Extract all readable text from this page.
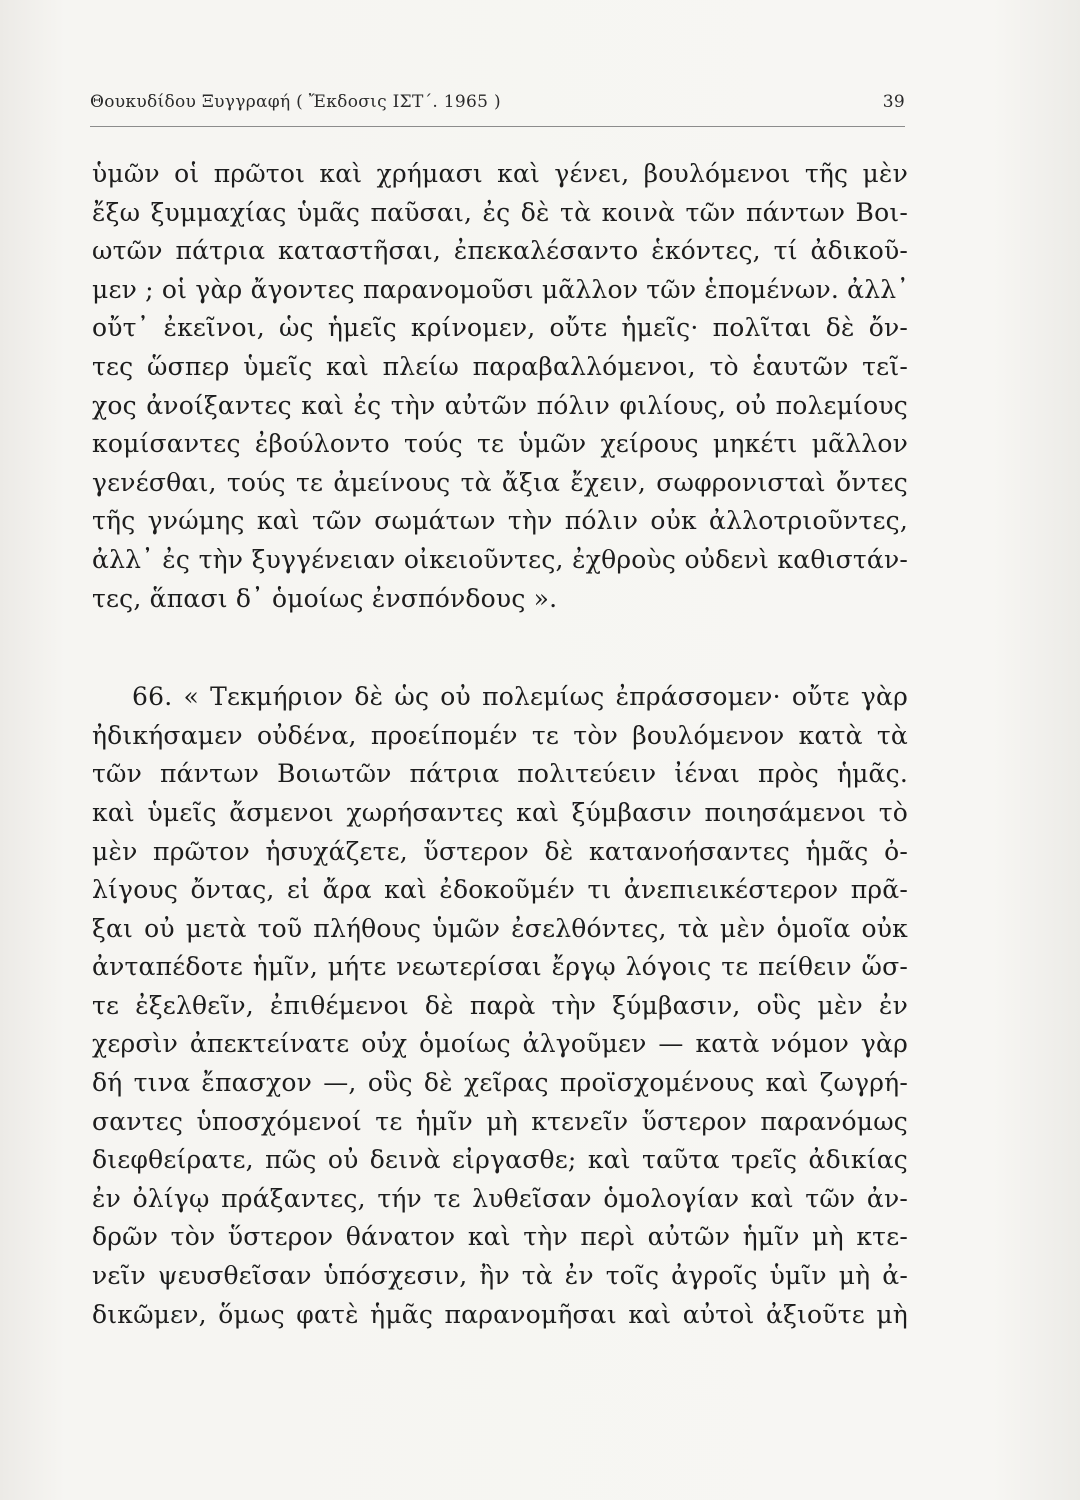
Θουκυδίδου Ξυγγραφή ( Ἔκδοσις ΙΣΤ΄. 1965 )	39
ὑμῶν οἱ πρῶτοι καὶ χρήμασι καὶ γένει, βουλόμενοι τῆς μὲν
ἔξω ξυμμαχίας ὑμᾶς παῦσαι, ἐς δὲ τὰ κοινὰ τῶν πάντων Βοι-
ωτῶν πάτρια καταστῆσαι, ἐπεκαλέσαντο ἑκόντες, τί ἀδικοῦ-
μεν ; οἱ γὰρ ἄγοντες παρανομοῦσι μᾶλλον τῶν ἑπομένων. ἀλλ᾽
οὔτ᾽ ἐκεῖνοι, ὡς ἡμεῖς κρίνομεν, οὔτε ἡμεῖς· πολῖται δὲ ὄν-
τες ὥσπερ ὑμεῖς καὶ πλείω παραβαλλόμενοι, τὸ ἑαυτῶν τεῖ-
χος ἀνοίξαντες καὶ ἐς τὴν αὐτῶν πόλιν φιλίους, οὐ πολεμίους
κομίσαντες ἐβούλοντο τούς τε ὑμῶν χείρους μηκέτι μᾶλλον
γενέσθαι, τούς τε ἀμείνους τὰ ἄξια ἔχειν, σωφρονισταὶ ὄντες
τῆς γνώμης καὶ τῶν σωμάτων τὴν πόλιν οὐκ ἀλλοτριοῦντες,
ἀλλ᾽ ἐς τὴν ξυγγένειαν οἰκειοῦντες, ἐχθροὺς οὐδενὶ καθιστάν-
τες, ἅπασι δ᾽ ὁμοίως ἐνσπόνδους ».
66. « Τεκμήριον δὲ ὡς οὐ πολεμίως ἐπράσσομεν· οὔτε γὰρ
ἠδικήσαμεν οὐδένα, προείπομέν τε τὸν βουλόμενον κατὰ τὰ
τῶν πάντων Βοιωτῶν πάτρια πολιτεύειν ἰέναι πρὸς ἡμᾶς.
καὶ ὑμεῖς ἄσμενοι χωρήσαντες καὶ ξύμβασιν ποιησάμενοι τὸ
μὲν πρῶτον ἡσυχάζετε, ὕστερον δὲ κατανοήσαντες ἡμᾶς ὀ-
λίγους ὄντας, εἰ ἄρα καὶ ἐδοκοῦμέν τι ἀνεπιεικέστερον πρᾶ-
ξαι οὐ μετὰ τοῦ πλήθους ὑμῶν ἐσελθόντες, τὰ μὲν ὁμοῖα οὐκ
ἀνταπέδοτε ἡμῖν, μήτε νεωτερίσαι ἔργῳ λόγοις τε πείθειν ὥσ-
τε ἐξελθεῖν, ἐπιθέμενοι δὲ παρὰ τὴν ξύμβασιν, οὓς μὲν ἐν
χερσὶν ἀπεκτείνατε οὐχ ὁμοίως ἀλγοῦμεν — κατὰ νόμον γὰρ
δή τινα ἔπασχον —, οὓς δὲ χεῖρας προϊσχομένους καὶ ζωγρή-
σαντες ὑποσχόμενοί τε ἡμῖν μὴ κτενεῖν ὕστερον παρανόμως
διεφθείρατε, πῶς οὐ δεινὰ εἰργασθε; καὶ ταῦτα τρεῖς ἀδικίας
ἐν ὀλίγῳ πράξαντες, τήν τε λυθεῖσαν ὁμολογίαν καὶ τῶν ἀν-
δρῶν τὸν ὕστερον θάνατον καὶ τὴν περὶ αὐτῶν ἡμῖν μὴ κτε-
νεῖν ψευσθεῖσαν ὑπόσχεσιν, ἢν τὰ ἐν τοῖς ἀγροῖς ὑμῖν μὴ ἀ-
δικῶμεν, ὅμως φατὲ ἡμᾶς παρανομῆσαι καὶ αὐτοὶ ἀξιοῦτε μὴ
